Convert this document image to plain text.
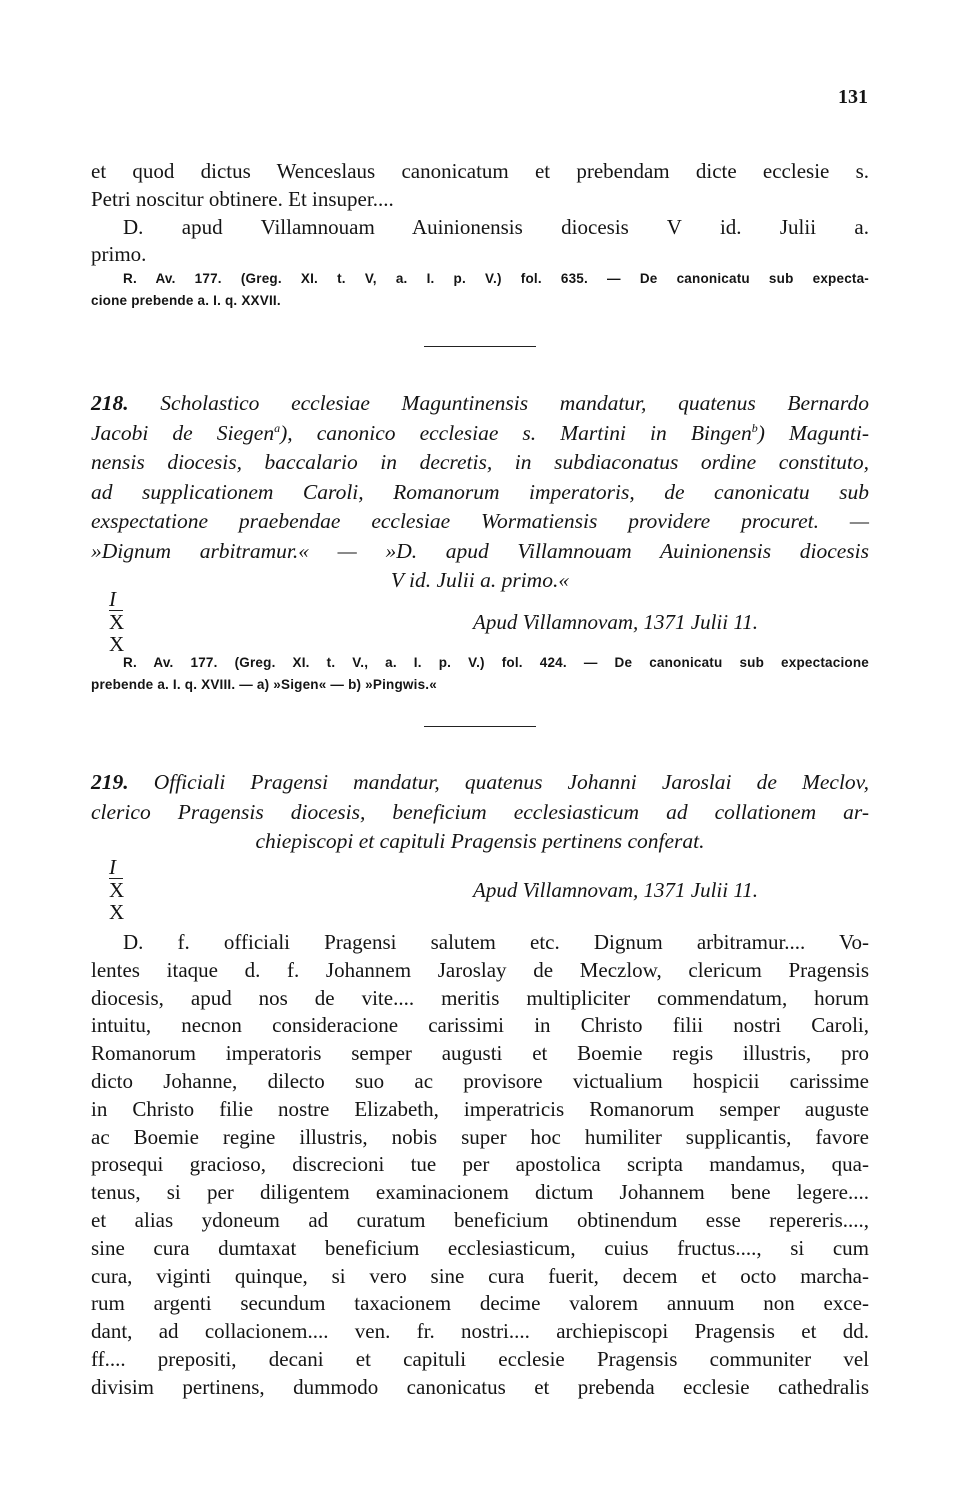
131
et quod dictus Wenceslaus canonicatum et prebendam dicte ecclesie s.
Petri noscitur obtinere. Et insuper....
D. apud Villamnouam Auinionensis diocesis V id. Julii a.
primo.
R. Av. 177. (Greg. XI. t. V, a. I. p. V.) fol. 635. — De canonicatu sub expecta-
cione prebende a. I. q. XXVII.
218. Scholastico ecclesiae Maguntinensis mandatur, quatenus Bernardo
Jacobi de Siegen$^a$), canonico ecclesiae s. Martini in Bingen$^b$) Magunti-
nensis diocesis, baccalario in decretis, in subdiaconatus ordine constituto,
ad supplicationem Caroli, Romanorum imperatoris, de canonicatu sub
exspectatione praebendae ecclesiae Wormatiensis providere procuret. —
»Dignum arbitramur.« — »D. apud Villamnouam Auinionensis diocesis
V id. Julii a. primo.«
I
X
X
Apud Villamnovam, 1371 Julii 11.
R. Av. 177. (Greg. XI. t. V., a. I. p. V.) fol. 424. — De canonicatu sub expectacione
prebende a. I. q. XVIII. — a) »Sigen« — b) »Pingwis.«
219. Officiali Pragensi mandatur, quatenus Johanni Jaroslai de Meclov,
clerico Pragensis diocesis, beneficium ecclesiasticum ad collationem ar-
chiepiscopi et capituli Pragensis pertinens conferat.
I
X
X
Apud Villamnovam, 1371 Julii 11.
D. f. officiali Pragensi salutem etc. Dignum arbitramur.... Vo-
lentes itaque d. f. Johannem Jaroslay de Meczlow, clericum Pragensis
diocesis, apud nos de vite.... meritis multipliciter commendatum, horum
intuitu, necnon consideracione carissimi in Christo filii nostri Caroli,
Romanorum imperatoris semper augusti et Boemie regis illustris, pro
dicto Johanne, dilecto suo ac provisore victualium hospicii carissime
in Christo filie nostre Elizabeth, imperatricis Romanorum semper auguste
ac Boemie regine illustris, nobis super hoc humiliter supplicantis, favore
prosequi gracioso, discrecioni tue per apostolica scripta mandamus, qua-
tenus, si per diligentem examinacionem dictum Johannem bene legere....
et alias ydoneum ad curatum beneficium obtinendum esse repereris....,
sine cura dumtaxat beneficium ecclesiasticum, cuius fructus...., si cum
cura, viginti quinque, si vero sine cura fuerit, decem et octo marcha-
rum argenti secundum taxacionem decime valorem annuum non exce-
dant, ad collacionem.... ven. fr. nostri.... archiepiscopi Pragensis et dd.
ff.... prepositi, decani et capituli ecclesie Pragensis communiter vel
divisim pertinens, dummodo canonicatus et prebenda ecclesie cathedralis
